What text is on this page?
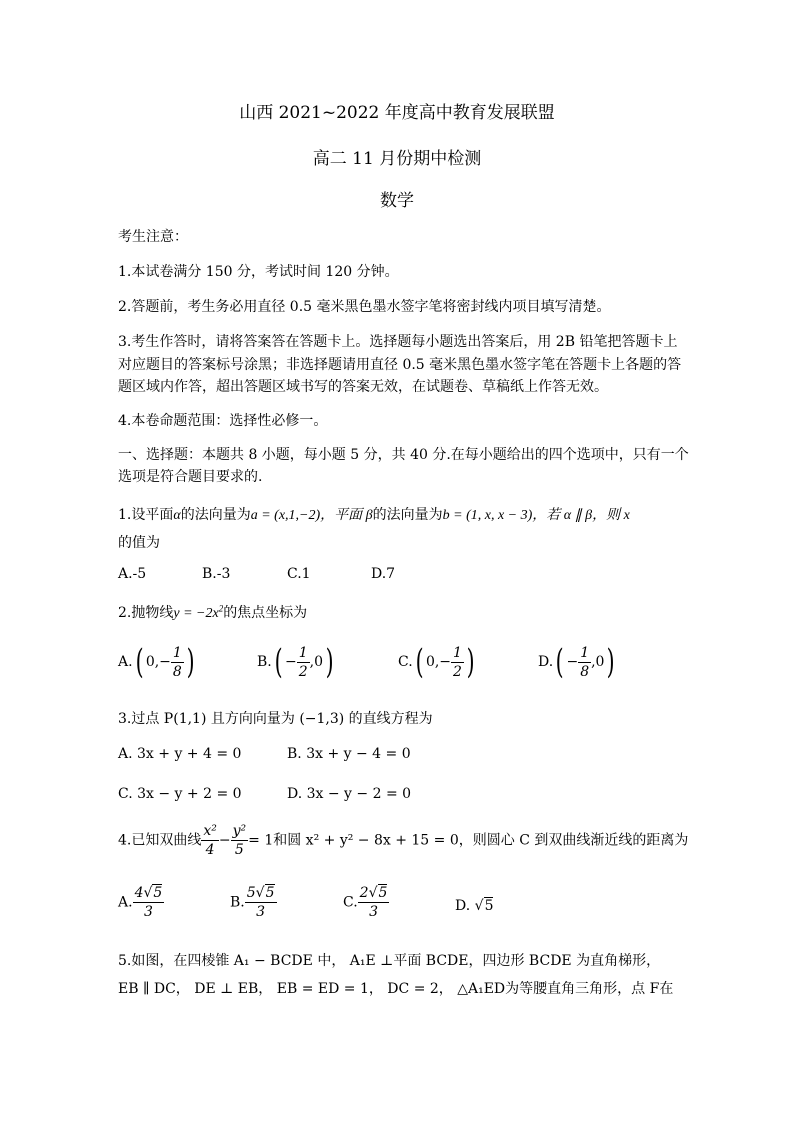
山西 2021~2022 年度高中教育发展联盟
高二 11 月份期中检测
数学
考生注意：
1.本试卷满分 150 分，考试时间 120 分钟。
2.答题前，考生务必用直径 0.5 毫米黑色墨水签字笔将密封线内项目填写清楚。
3.考生作答时，请将答案答在答题卡上。选择题每小题选出答案后，用 2B 铅笔把答题卡上
对应题目的答案标号涂黑；非选择题请用直径 0.5 毫米黑色墨水签字笔在答题卡上各题的答
题区域内作答，超出答题区域书写的答案无效，在试题卷、草稿纸上作答无效。
4.本卷命题范围：选择性必修一。
一、选择题：本题共 8 小题，每小题 5 分，共 40 分.在每小题给出的四个选项中，只有一个
选项是符合题目要求的.
1.设平面α的法向量为a = (x,1,−2)，平面 β的法向量为b = (1, x, x − 3)，若 α ∥ β，则 x
的值为
A.-5	B.-3	C.1	D.7
2.抛物线$y = -2x^2$的焦点坐标为
A.( $0,- \frac{1}{8}$ )	$B.( - \frac{1}{2} ,0)$	C.( $0,- \frac{1}{2}$ )	$D.( - \frac{1}{8} ,0)$
3.过点 P(1,1) 且方向向量为 (−1,3) 的直线方程为
A. 3x + y + 4 = 0	B. 3x + y − 4 = 0
C. 3x − y + 2 = 0	D. 3x − y − 2 = 0
4.已知双曲线 $\frac{\text{x²}}{4} - \frac{\text{y²}}{5} = 1$和圆 x² + y² − 8x + 15 = 0，则圆心 C 到双曲线渐近线的距离为
A. $\frac{4√5}{3}$	B. $\frac{5√5}{3}$	C. $\frac{2√5}{3}$	D. √5
5.如图，在四棱锥 A₁ − BCDE 中， A₁E ⊥平面 BCDE，四边形 BCDE 为直角梯形，
EB ∥ DC， DE ⊥ EB， EB = ED = 1， DC = 2， △A₁ED为等腰直角三角形，点 F在
